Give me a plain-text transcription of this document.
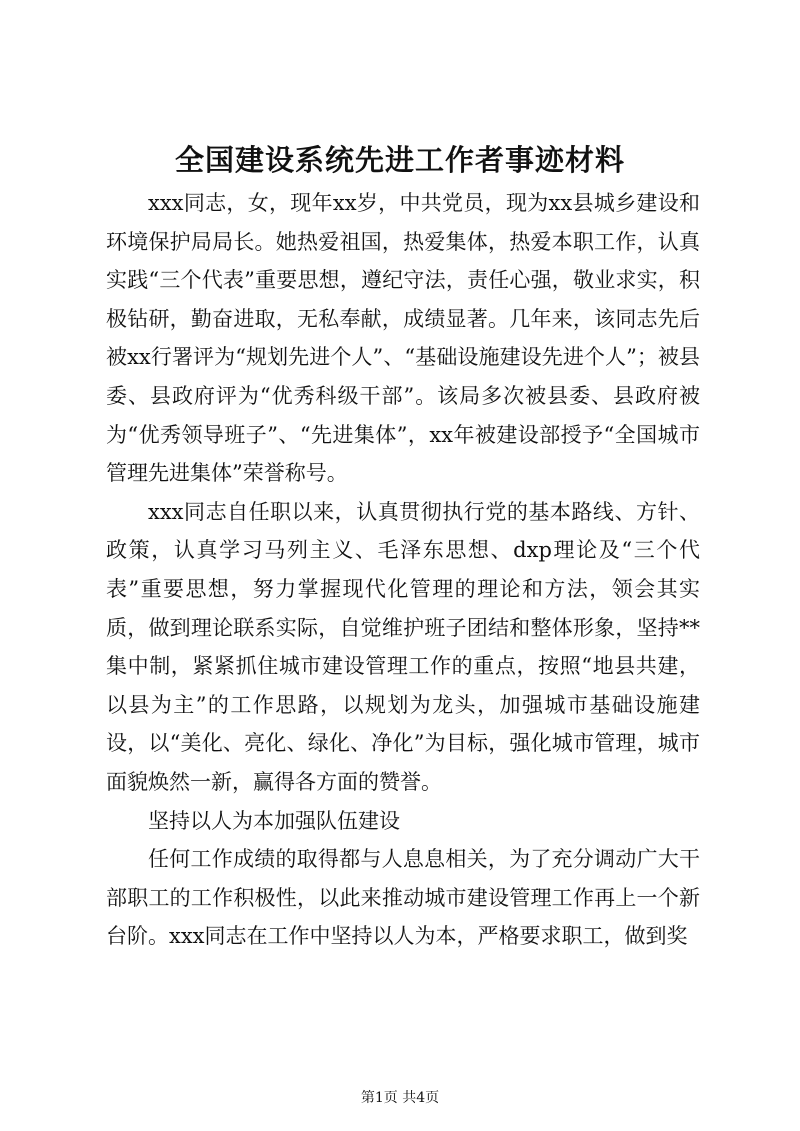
全国建设系统先进工作者事迹材料

xxx同志，女，现年xx岁，中共党员，现为xx县城乡建设和环境保护局局长。她热爱祖国，热爱集体，热爱本职工作，认真实践“三个代表”重要思想，遵纪守法，责任心强，敬业求实，积极钻研，勤奋进取，无私奉献，成绩显著。几年来，该同志先后被xx行署评为“规划先进个人”、“基础设施建设先进个人”；被县委、县政府评为“优秀科级干部”。该局多次被县委、县政府被为“优秀领导班子”、“先进集体”，xx年被建设部授予“全国城市管理先进集体”荣誉称号。

xxx同志自任职以来，认真贯彻执行党的基本路线、方针、政策，认真学习马列主义、毛泽东思想、dxp理论及“三个代表”重要思想，努力掌握现代化管理的理论和方法，领会其实质，做到理论联系实际，自觉维护班子团结和整体形象，坚持**集中制，紧紧抓住城市建设管理工作的重点，按照“地县共建，以县为主”的工作思路，以规划为龙头，加强城市基础设施建设，以“美化、亮化、绿化、净化”为目标，强化城市管理，城市面貌焕然一新，赢得各方面的赞誉。

坚持以人为本加强队伍建设

任何工作成绩的取得都与人息息相关，为了充分调动广大干部职工的工作积极性，以此来推动城市建设管理工作再上一个新台阶。xxx同志在工作中坚持以人为本，严格要求职工，做到奖

第1页 共4页
